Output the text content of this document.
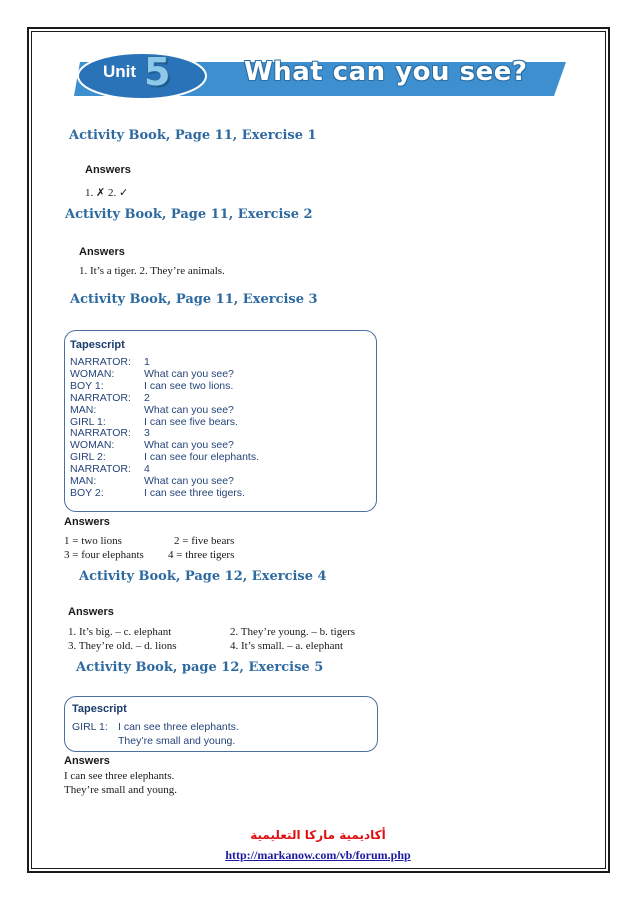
Unit 5	What can you see?
Activity Book, Page 11, Exercise 1
Answers
1. ✗ 2. ✓
Activity Book, Page 11, Exercise 2
Answers
1. It’s a tiger. 2. They’re animals.
Activity Book, Page 11, Exercise 3
Tapescript
NARRATOR: 1
WOMAN:	What can you see?
BOY 1:	I can see two lions.
NARRATOR: 2
MAN:	What can you see?
GIRL 1:	I can see five bears.
NARRATOR: 3
WOMAN:	What can you see?
GIRL 2:	I can see four elephants.
NARRATOR: 4
MAN:	What can you see?
BOY 2:	I can see three tigers.
Answers
1 = two lions	2 = five bears
3 = four elephants 4 = three tigers
Activity Book, Page 12, Exercise 4
Answers
1. It’s big. – c. elephant	2. They’re young. – b. tigers
3. They’re old. – d. lions	4. It’s small. – a. elephant
Activity Book, page 12, Exercise 5
Tapescript
GIRL 1: I can see three elephants.
They’re small and young.
Answers
I can see three elephants.
They’re small and young.
أكاديمية ماركا التعليمية
http://markanow.com/vb/forum.php
